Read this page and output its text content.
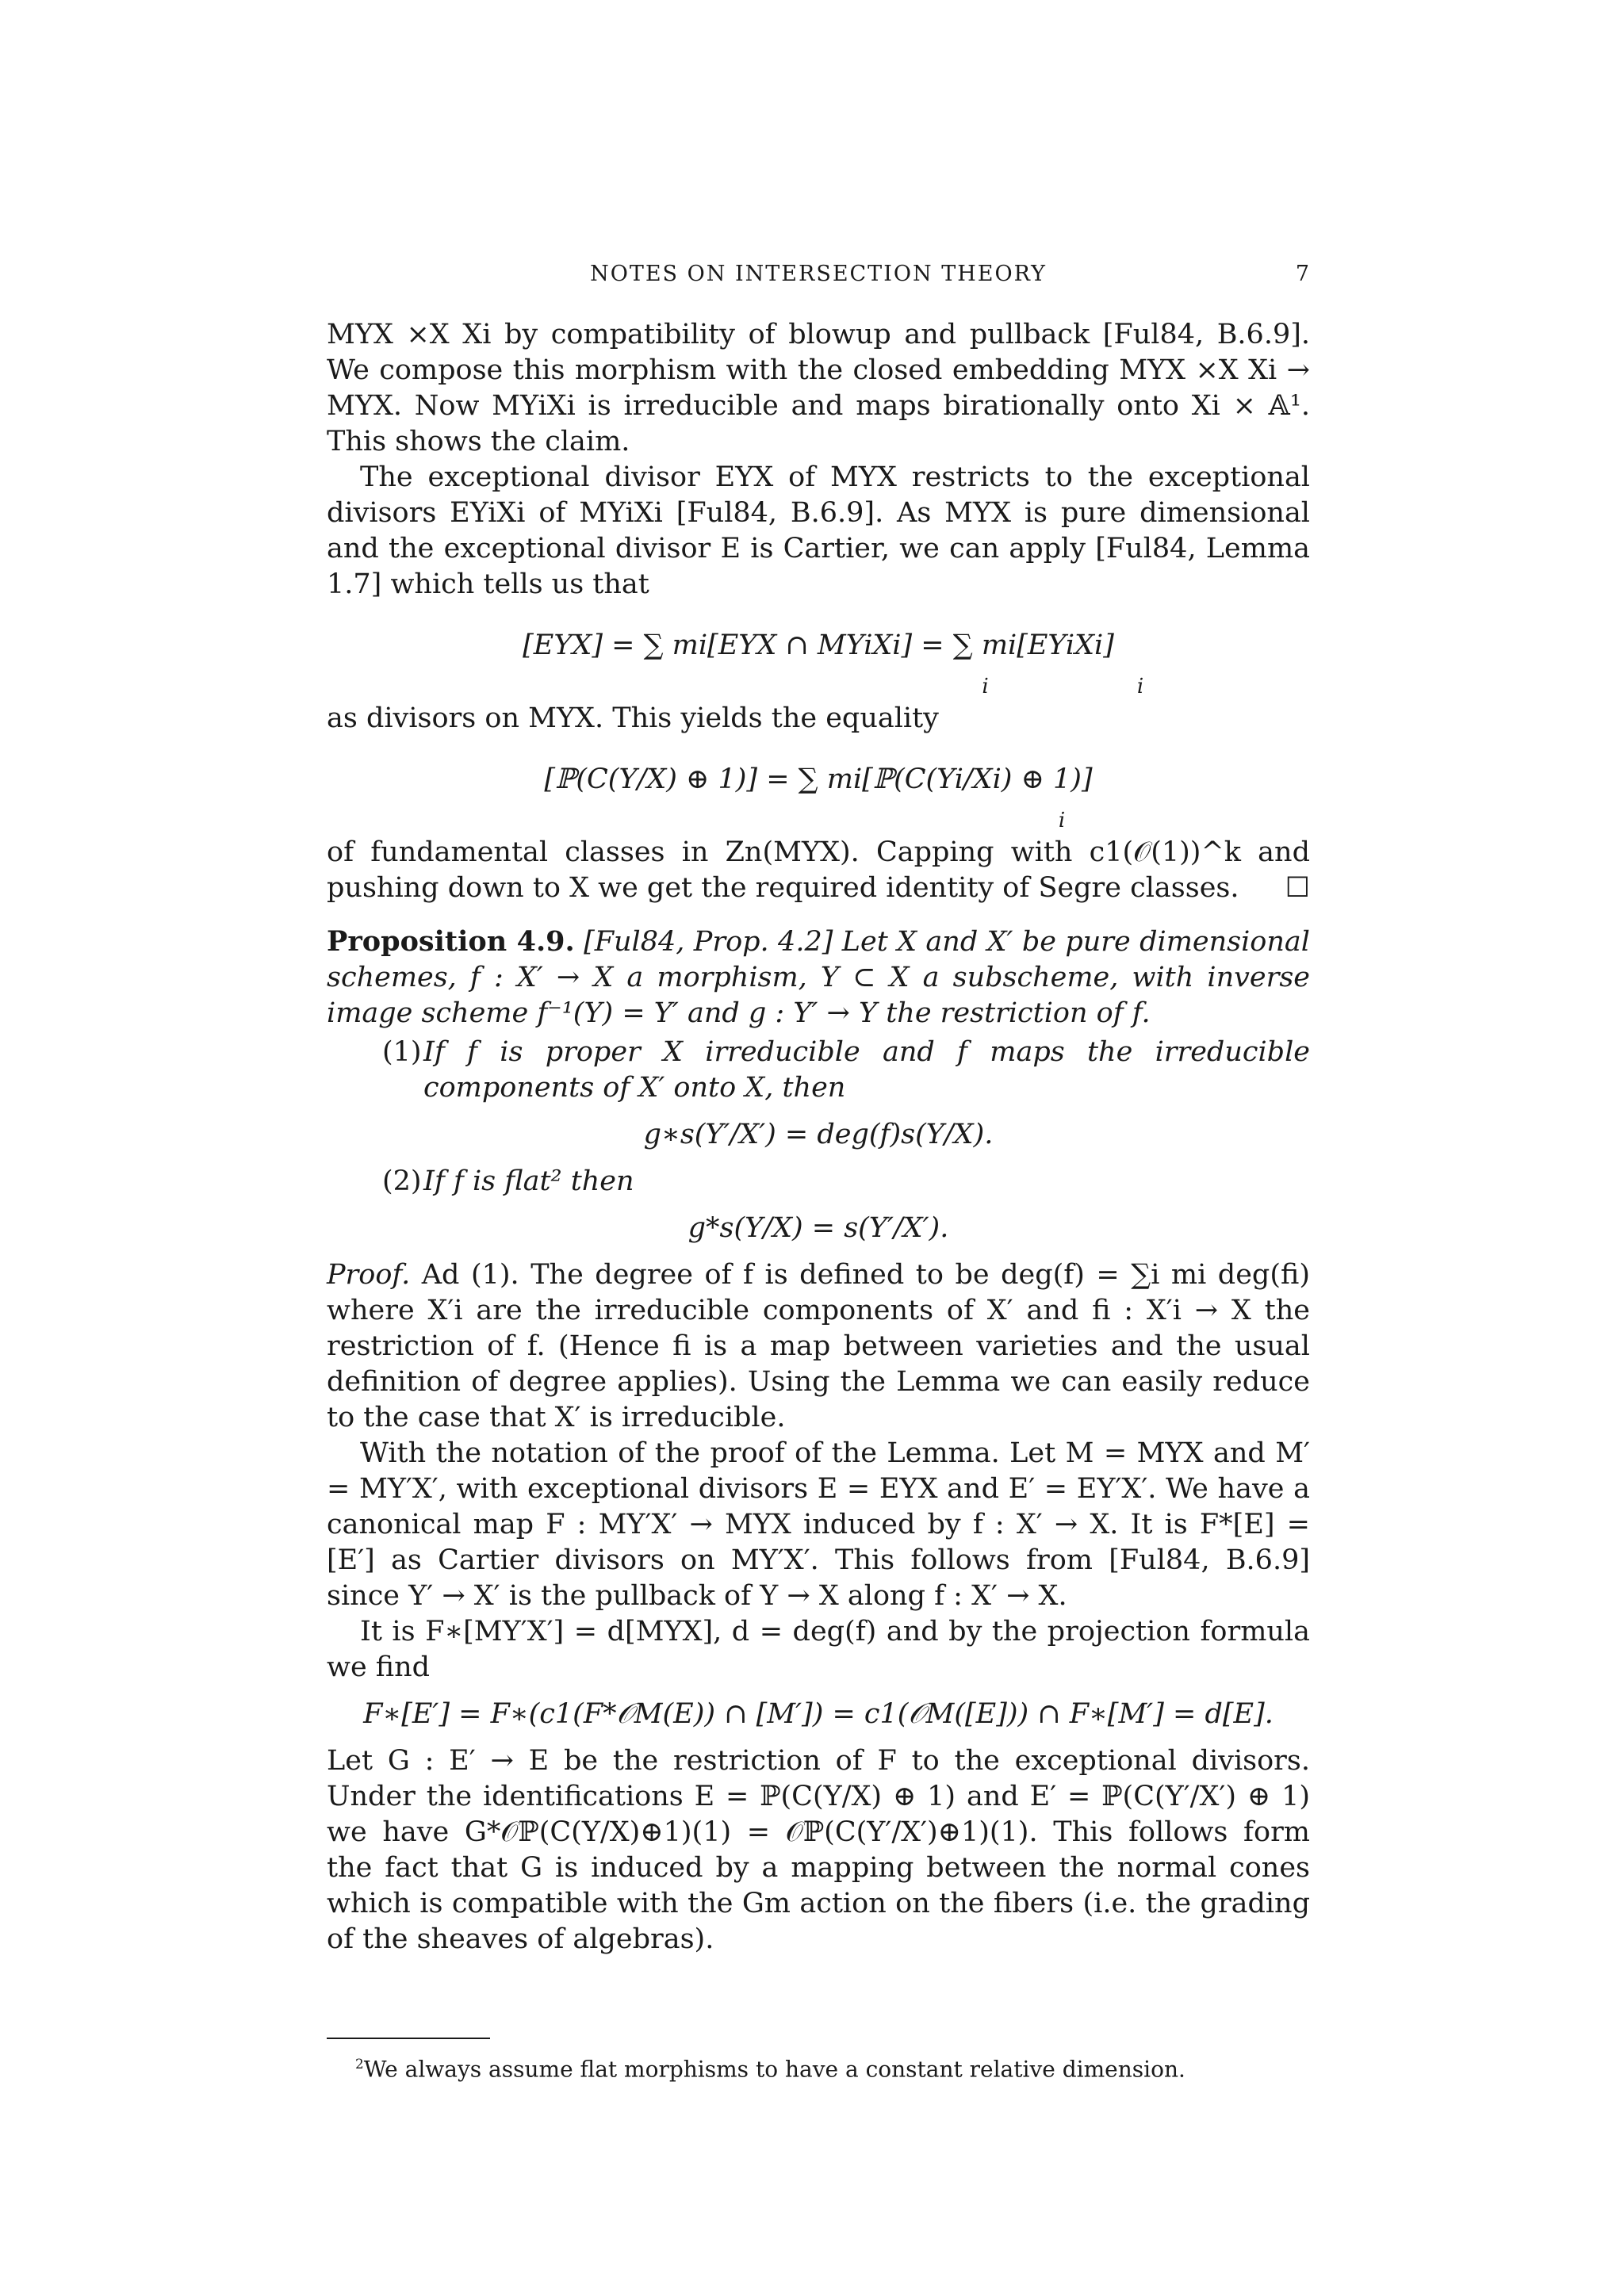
NOTES ON INTERSECTION THEORY	7

MYX ×X Xi by compatibility of blowup and pullback [Ful84, B.6.9]. We compose this morphism with the closed embedding MYX ×X Xi → MYX. Now MYiXi is irreducible and maps birationally onto Xi × 𝔸¹. This shows the claim.

The exceptional divisor EYX of MYX restricts to the exceptional divisors EYiXi of MYiXi [Ful84, B.6.9]. As MYX is pure dimensional and the exceptional divisor E is Cartier, we can apply [Ful84, Lemma 1.7] which tells us that

[EYX] = ∑ mi[EYX ∩ MYiXi] = ∑ mi[EYiXi]
i	i

as divisors on MYX. This yields the equality

[ℙ(C(Y/X) ⊕ 1)] = ∑ mi[ℙ(C(Yi/Xi) ⊕ 1)]
i

of fundamental classes in Zn(MYX). Capping with c1(𝒪(1))^k and pushing down to X we get the required identity of Segre classes. ☐

Proposition 4.9. [Ful84, Prop. 4.2] Let X and X′ be pure dimensional schemes, f : X′ → X a morphism, Y ⊂ X a subscheme, with inverse image scheme f⁻¹(Y) = Y′ and g : Y′ → Y the restriction of f.

(1) If f is proper X irreducible and f maps the irreducible components of X′ onto X, then
g∗s(Y′/X′) = deg(f)s(Y/X).
(2) If f is flat² then
g*s(Y/X) = s(Y′/X′).

Proof. Ad (1). The degree of f is defined to be deg(f) = ∑i mi deg(fi) where X′i are the irreducible components of X′ and fi : X′i → X the restriction of f. (Hence fi is a map between varieties and the usual definition of degree applies). Using the Lemma we can easily reduce to the case that X′ is irreducible.

With the notation of the proof of the Lemma. Let M = MYX and M′ = MY′X′, with exceptional divisors E = EYX and E′ = EY′X′. We have a canonical map F : MY′X′ → MYX induced by f : X′ → X. It is F*[E] = [E′] as Cartier divisors on MY′X′. This follows from [Ful84, B.6.9] since Y′ → X′ is the pullback of Y → X along f : X′ → X.

It is F∗[MY′X′] = d[MYX], d = deg(f) and by the projection formula we find

F∗[E′] = F∗(c1(F*𝒪M(E)) ∩ [M′]) = c1(𝒪M([E])) ∩ F∗[M′] = d[E].

Let G : E′ → E be the restriction of F to the exceptional divisors. Under the identifications E = ℙ(C(Y/X) ⊕ 1) and E′ = ℙ(C(Y′/X′) ⊕ 1) we have G*𝒪ℙ(C(Y/X)⊕1)(1) = 𝒪ℙ(C(Y′/X′)⊕1)(1). This follows form the fact that G is induced by a mapping between the normal cones which is compatible with the Gm action on the fibers (i.e. the grading of the sheaves of algebras).

$^2$We always assume flat morphisms to have a constant relative dimension.
